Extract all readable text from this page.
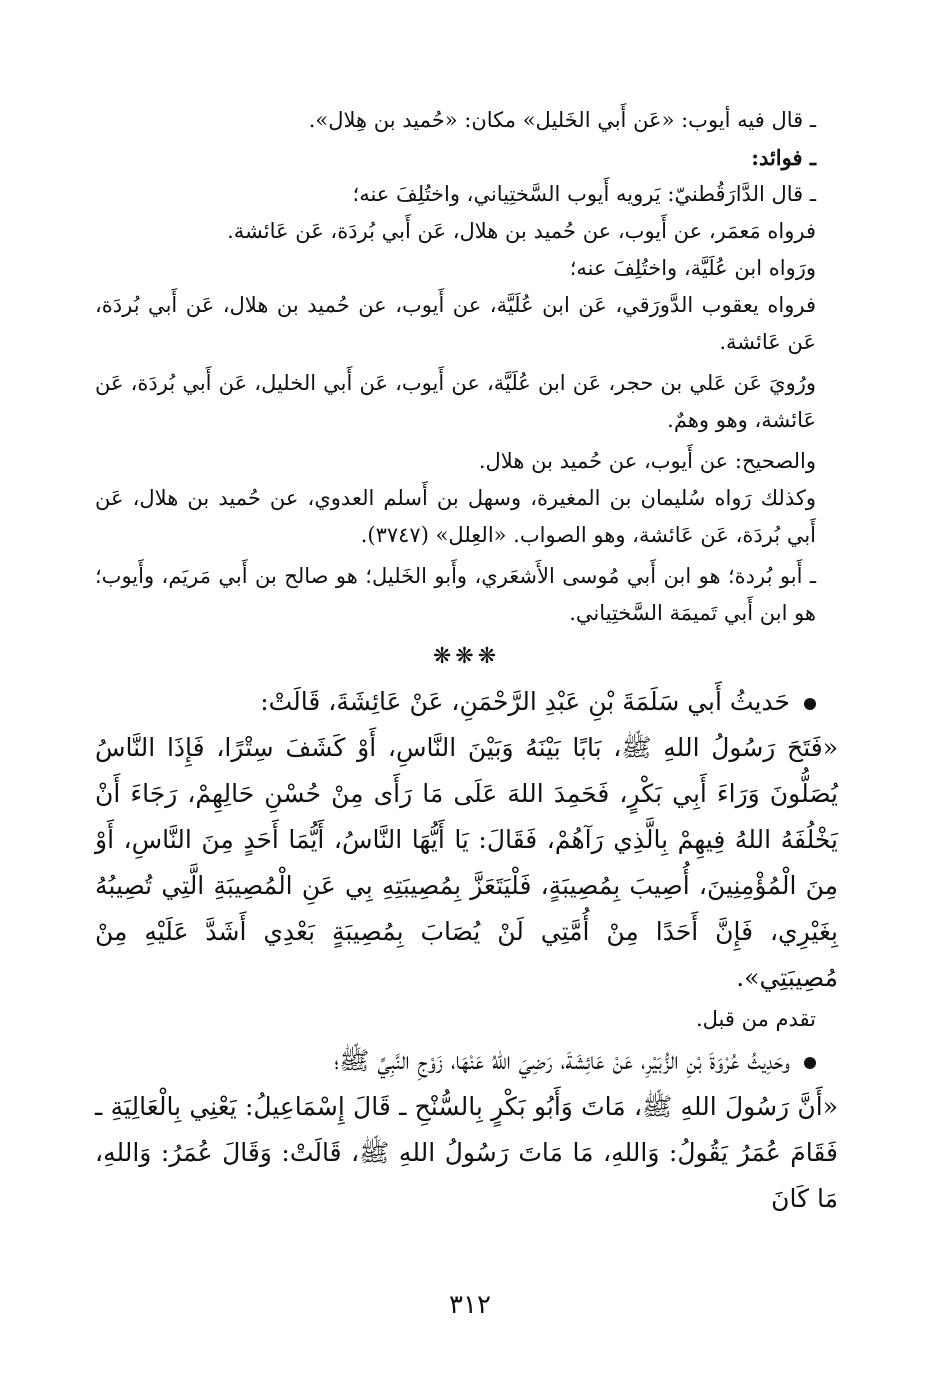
ـ قال فيه أيوب: «عَن أَبي الخَليل» مكان: «حُميد بن هِلال».
ـ فوائد:
ـ قال الدَّارَقُطنيّ: يَرويه أَيوب السَّختِياني، واختُلِفَ عنه؛
فرواه مَعمَر، عن أَيوب، عن حُميد بن هلال، عَن أَبي بُردَة، عَن عَائشة.
ورَواه ابن عُلَيَّة، واختُلِفَ عنه؛
فرواه يعقوب الدَّورَقي، عَن ابن عُلَيَّة، عن أَيوب، عن حُميد بن هلال، عَن أَبي بُردَة، عَن عَائشة.
ورُويَ عَن عَلي بن حجر، عَن ابن عُلَيَّة، عن أَيوب، عَن أَبي الخليل، عَن أَبي بُردَة، عَن عَائشة، وهو وهمٌ.
والصحيح: عن أَيوب، عن حُميد بن هلال.
وكذلك رَواه سُليمان بن المغيرة، وسهل بن أَسلم العدوي، عن حُميد بن هلال، عَن أَبي بُردَة، عَن عَائشة، وهو الصواب. «العِلل» (٣٧٤٧).
ـ أَبو بُردة؛ هو ابن أَبي مُوسى الأَشعَري، وأَبو الخَليل؛ هو صالح بن أَبي مَريَم، وأَيوب؛ هو ابن أَبي تَميمَة السَّختِياني.
❋❋❋
حَديثُ أَبي سَلَمَةَ بْنِ عَبْدِ الرَّحْمَنِ، عَنْ عَائِشَةَ، قَالَتْ:
«فَتَحَ رَسُولُ اللهِ ﷺ، بَابًا بَيْنَهُ وَبَيْنَ النَّاسِ، أَوْ كَشَفَ سِتْرًا، فَإِذَا النَّاسُ يُصَلُّونَ وَرَاءَ أَبِي بَكْرٍ، فَحَمِدَ اللهَ عَلَى مَا رَأَى مِنْ حُسْنِ حَالِهِمْ، رَجَاءَ أَنْ يَخْلُفَهُ اللهُ فِيهِمْ بِالَّذِي رَآهُمْ، فَقَالَ: يَا أَيُّهَا النَّاسُ، أَيُّمَا أَحَدٍ مِنَ النَّاسِ، أَوْ مِنَ الْمُؤْمِنِينَ، أُصِيبَ بِمُصِيبَةٍ، فَلْيَتَعَزَّ بِمُصِيبَتِهِ بِي عَنِ الْمُصِيبَةِ الَّتِي تُصِيبُهُ بِغَيْرِي، فَإِنَّ أَحَدًا مِنْ أُمَّتِي لَنْ يُصَابَ بِمُصِيبَةٍ بَعْدِي أَشَدَّ عَلَيْهِ مِنْ مُصِيبَتِي».
تقدم من قبل.
وحَدِيثُ عُرْوَةَ بْنِ الزُّبَيْرِ، عَنْ عَائِشَةَ، رَضِيَ اللهُ عَنْهَا، زَوْجِ النَّبِيِّ ﷺ؛
«أَنَّ رَسُولَ اللهِ ﷺ، مَاتَ وَأَبُو بَكْرٍ بِالسُّنْحِ ـ قَالَ إِسْمَاعِيلُ: يَعْنِي بِالْعَالِيَةِ ـ فَقَامَ عُمَرُ يَقُولُ: وَاللهِ، مَا مَاتَ رَسُولُ اللهِ ﷺ، قَالَتْ: وَقَالَ عُمَرُ: وَاللهِ، مَا كَانَ
٣١٢
